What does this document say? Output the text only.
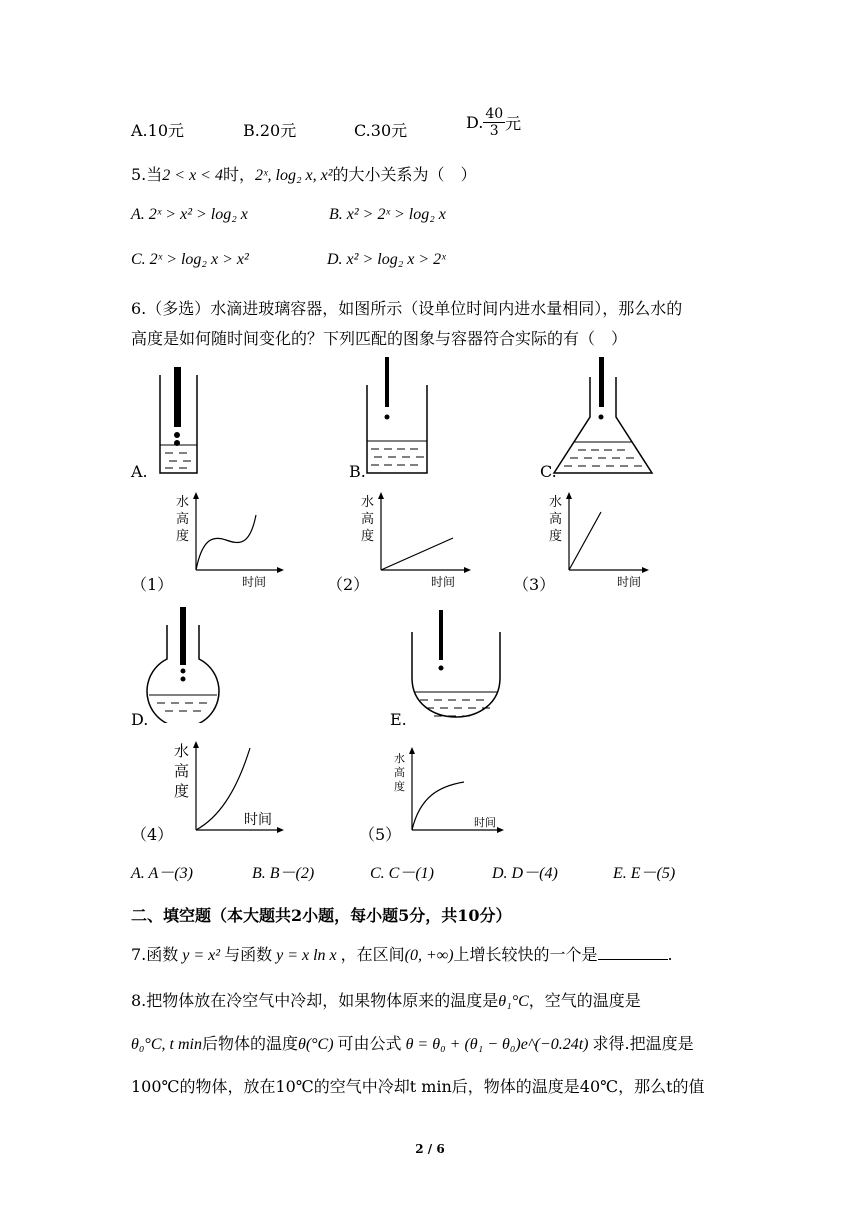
A.10元	B.20元	C.30元	D. $\frac{40}{3}$ 元
5.当2 < x < 4时，2ˣ, log₂ x, x²的大小关系为（　）
A. 2ˣ > x² > log₂ x	B. x² > 2ˣ > log₂ x
C. 2ˣ > log₂ x > x²	D. x² > log₂ x > 2ˣ
6.（多选）水滴进玻璃容器，如图所示（设单位时间内进水量相同），那么水的
高度是如何随时间变化的？下列匹配的图象与容器符合实际的有（　）
A.	B.	C.
水
高
度
时间
（1）
水
高
度
时间
（2）
水
高
度
时间
（3）
D.	E.
水
高
度
时间
（4）
水
高
度
时间
（5）
A. A－(3)	B. B－(2)	C. C－(1)	D. D－(4)	E. E－(5)
二、填空题（本大题共2小题，每小题5分，共10分）
7.函数 y = x² 与函数 y = x ln x ，在区间(0, +∞)上增长较快的一个是	.
8.把物体放在冷空气中冷却，如果物体原来的温度是θ₁°C，空气的温度是
θ₀°C, t min后物体的温度θ(°C) 可由公式 θ = θ₀ + (θ₁ − θ₀)e^(−0.24t) 求得.把温度是
100℃的物体，放在10℃的空气中冷却t min后，物体的温度是40℃，那么t的值
2 / 6
